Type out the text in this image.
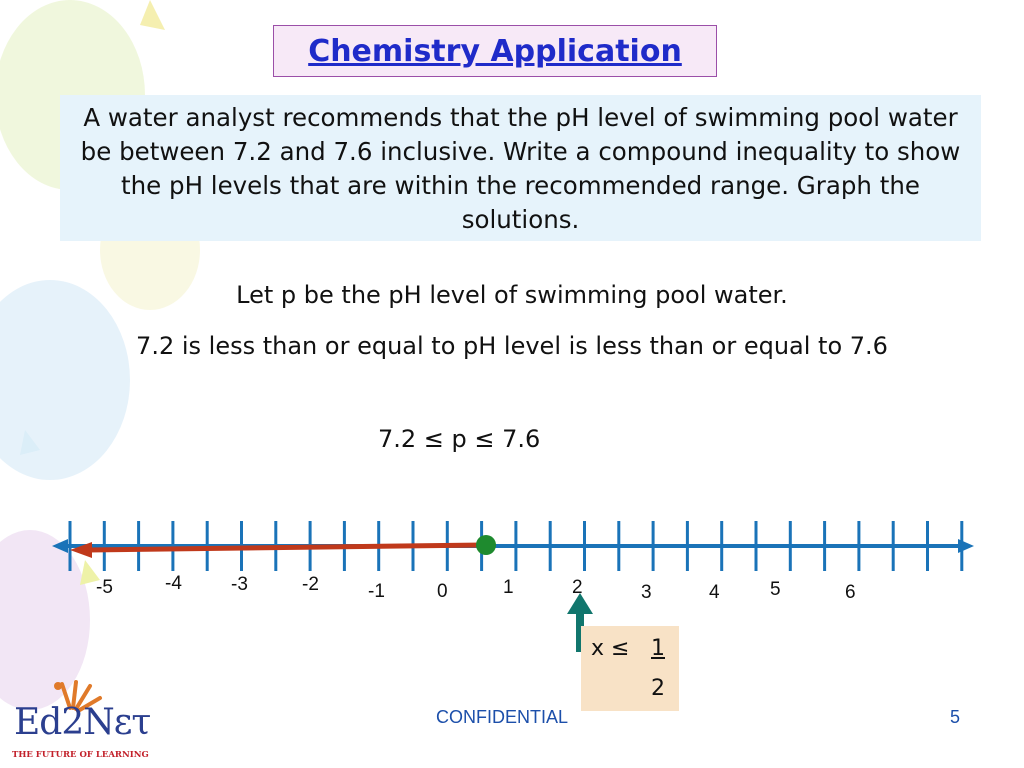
Chemistry Application
A water analyst recommends that the pH level of swimming pool water be between 7.2 and 7.6 inclusive. Write a compound inequality to show the pH levels that are within the recommended range. Graph the solutions.
Let p be the pH level of swimming pool water.
7.2 is less than or equal to pH level is less than or equal to 7.6
7.2 ≤ p ≤ 7.6
-5	-4	-3	-2	-1	0	1	2	3	4	5	6
x ≤ 1
2
Ed2Nετ
THE FUTURE OF LEARNING
CONFIDENTIAL	5
